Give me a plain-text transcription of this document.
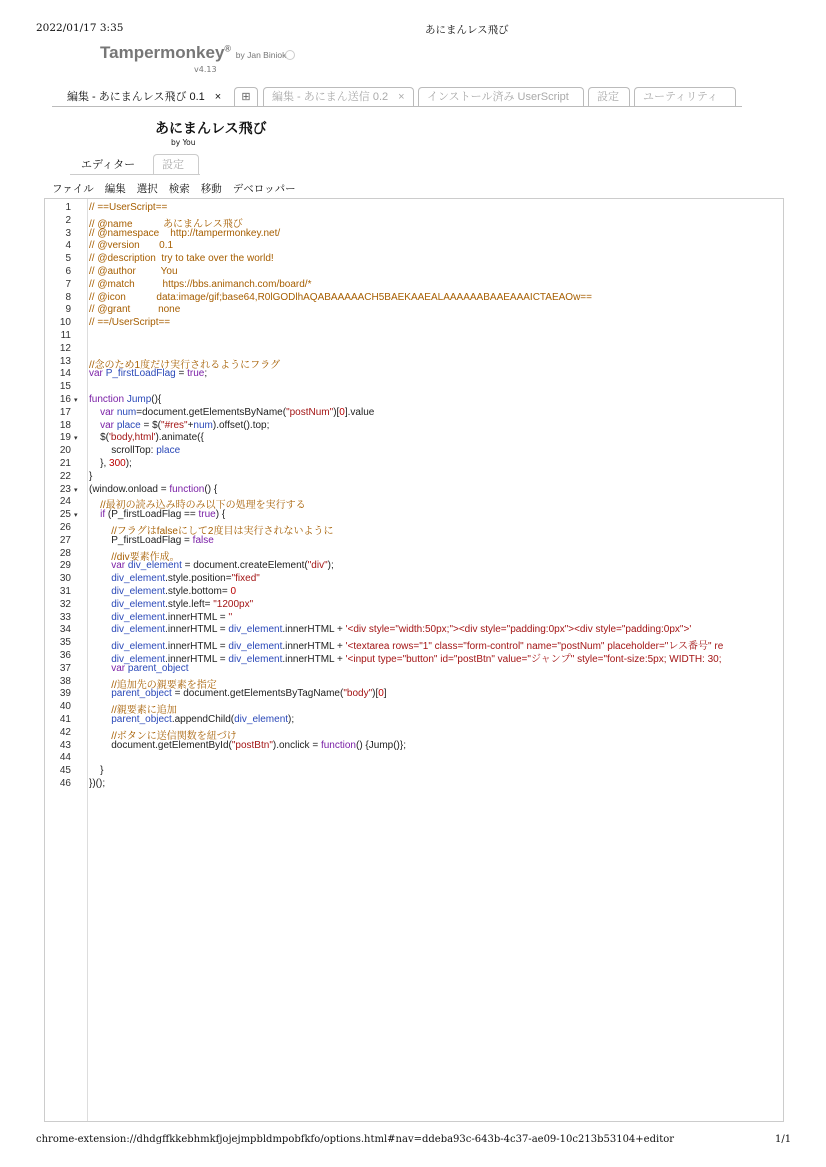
2022/01/17 3:35	あにまんレス飛び
Tampermonkey® by Jan Biniok
v4.13
編集 - あにまんレス飛び 0.1 ×	⊞	編集 - あにまん送信 0.2 ×	インストール済み UserScript	設定	ユーティリティ
あにまんレス飛び
by You
エディター	設定
ファイル 編集 選択 検索 移動 デベロッパー
1
2
3
4
5
6
7
8
9
10
11
12
13
14
15
16 ▾
17
18
19 ▾
20
21
22
23 ▾
24
25 ▾
26
27
28
29
30
31
32
33
34
35
36
37
38
39
40
41
42
43
44
45
46
// ==UserScript==
// @name           あにまんレス飛び
// @namespace    http://tampermonkey.net/
// @version       0.1
// @description  try to take over the world!
// @author         You
// @match          https://bbs.animanch.com/board/*
// @icon           data:image/gif;base64,R0lGODlhAQABAAAAACH5BAEKAAEALAAAAAABAAEAAAICTAEAOw==
// @grant          none
// ==/UserScript==
//念のため1度だけ実行されるようにフラグ
var P_firstLoadFlag = true;
function Jump(){
var num=document.getElementsByName("postNum")[0].value
var place = $("#res"+num).offset().top;
$('body,html').animate({
scrollTop: place
}, 300);
}
(window.onload = function() {
//最初の読み込み時のみ以下の処理を実行する
if (P_firstLoadFlag == true) {
//フラグはfalseにして2度目は実行されないように
P_firstLoadFlag = false
//div要素作成。
var div_element = document.createElement("div");
div_element.style.position="fixed"
div_element.style.bottom= 0
div_element.style.left= "1200px"
div_element.innerHTML = ''
div_element.innerHTML = div_element.innerHTML + '<div style="width:50px;"><div style="padding:0px"><div style="padding:0px">'
div_element.innerHTML = div_element.innerHTML + '<textarea rows="1" class="form-control" name="postNum" placeholder="レス番号" re
div_element.innerHTML = div_element.innerHTML + '<input type="button" id="postBtn" value="ジャンプ" style="font-size:5px; WIDTH: 30;
var parent_object
//追加先の親要素を指定
parent_object = document.getElementsByTagName("body")[0]
//親要素に追加
parent_object.appendChild(div_element);
//ボタンに送信関数を紐づけ
document.getElementById("postBtn").onclick = function() {Jump()};
}
})();
chrome-extension://dhdgffkkebhmkfjojejmpbldmpobfkfo/options.html#nav=ddeba93c-643b-4c37-ae09-10c213b53104+editor	1/1
